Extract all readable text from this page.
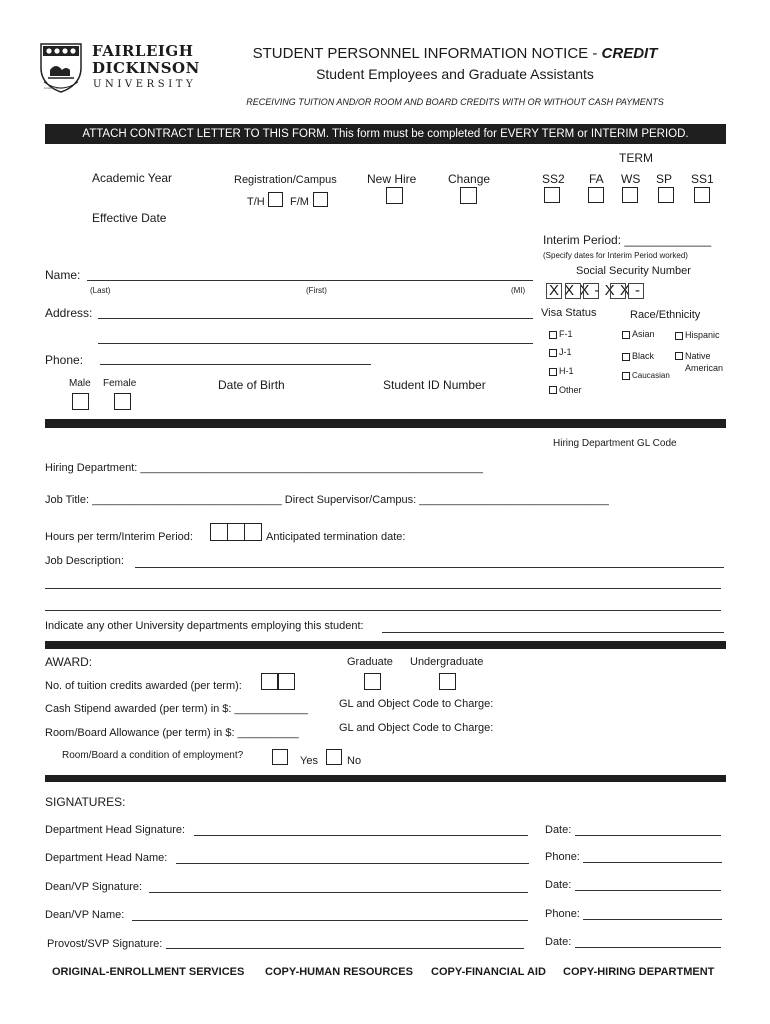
FAIRLEIGH
DICKINSON
UNIVERSITY
Fortiter et Suaviter
STUDENT PERSONNEL INFORMATION NOTICE - CREDIT
Student Employees and Graduate Assistants
RECEIVING TUITION AND/OR ROOM AND BOARD CREDITS WITH OR WITHOUT CASH PAYMENTS
ATTACH CONTRACT LETTER TO THIS FORM. This form must be completed for EVERY TERM or INTERIM PERIOD.
Academic Year	Registration/Campus
T/H F/M
New Hire	Change
TERM
SS2 FA WS SP SS1
Effective Date
Interim Period: _____________
(Specify dates for Interim Period worked)
Name:
(Last)	(First)	(MI)
Social Security Number
X X X - X X -
Address:	Visa Status	Race/Ethnicity
F-1
J-1
H-1
Other
Asian	Hispanic
Black	Native American
Caucasian
Phone:
Male Female	Date of Birth	Student ID Number
Hiring Department GL Code
Hiring Department: ________________________________________________________
Job Title: _______________________________ Direct Supervisor/Campus: _______________________________
Hours per term/Interim Period:	Anticipated termination date:
Job Description:
Indicate any other University departments employing this student:
AWARD:	Graduate Undergraduate
No. of tuition credits awarded (per term):
Cash Stipend awarded (per term) in $: ____________	GL and Object Code to Charge:
Room/Board Allowance (per term) in $: __________	GL and Object Code to Charge:
Room/Board a condition of employment?	Yes	No
SIGNATURES:
Department Head Signature:	Date:
Department Head Name:	Phone:
Dean/VP Signature:	Date:
Dean/VP Name:	Phone:
Provost/SVP Signature:	Date:
ORIGINAL-ENROLLMENT SERVICES COPY-HUMAN RESOURCES COPY-FINANCIAL AID COPY-HIRING DEPARTMENT
